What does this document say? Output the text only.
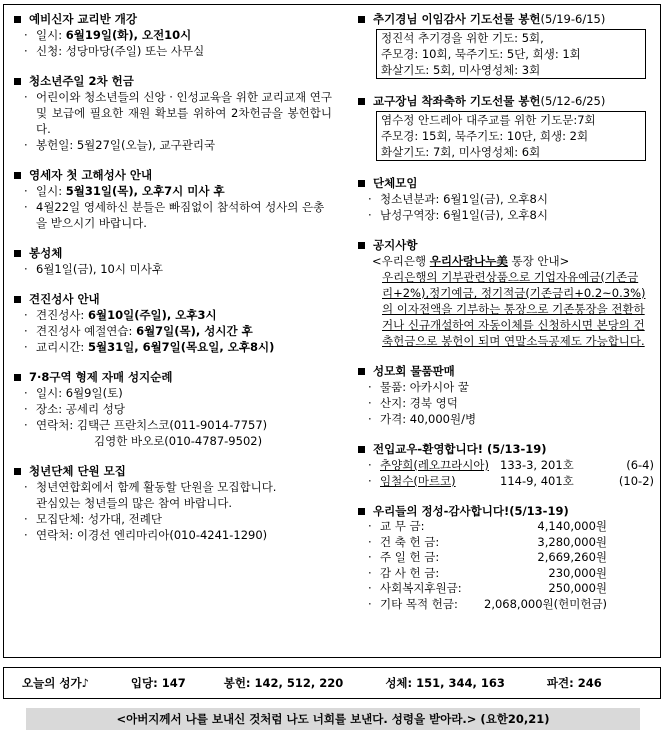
예비신자 교리반 개강
· 일시: 6월19일(화), 오전10시
· 신청: 성당마당(주일) 또는 사무실
청소년주일 2차 헌금
· 어린이와 청소년들의 신앙 · 인성교육을 위한 교리교재 연구 및 보급에 필요한 재원 확보를 위하여 2차헌금을 봉헌합니다.
· 봉헌일: 5월27일(오늘), 교구관리국
영세자 첫 고해성사 안내
· 일시: 5월31일(목), 오후7시 미사 후
· 4월22일 영세하신 분들은 빠짐없이 참석하여 성사의 은총을 받으시기 바랍니다.
봉성체
· 6월1일(금), 10시 미사후
견진성사 안내
· 견진성사: 6월10일(주일), 오후3시
· 견진성사 예절연습: 6월7일(목), 성시간 후
· 교리시간: 5월31일, 6월7일(목요일, 오후8시)
7·8구역 형제 자매 성지순례
· 일시: 6월9일(토)
· 장소: 공세리 성당
· 연락처: 김택근 프란치스코(011-9014-7757)
김영한 바오로(010-4787-9502)
청년단체 단원 모집
· 청년연합회에서 함께 활동할 단원을 모집합니다.
관심있는 청년들의 많은 참여 바랍니다.
· 모집단체: 성가대, 전례단
· 연락처: 이경선 엔리마리아(010-4241-1290)
추기경님 이임감사 기도선물 봉헌 (5/19-6/15)
정진석 추기경을 위한 기도: 5회,
주모경: 10회, 묵주기도: 5단, 희생: 1회
화살기도: 5회, 미사영성체: 3회
교구장님 착좌축하 기도선물 봉헌 (5/12-6/25)
염수정 안드레아 대주교를 위한 기도문:7회
주모경: 15회, 묵주기도: 10단, 희생: 2회
화살기도: 7회, 미사영성체: 6회
단체모임
· 청소년분과: 6월1일(금), 오후8시
· 남성구역장: 6월1일(금), 오후8시
공지사항
<우리은행 우리사랑나누美 통장 안내>
우리은행의 기부관련상품으로 기업자유예금(기존금리+2%),정기예금, 정기적금(기존금리+0.2~0.3%)의 이자전액을 기부하는 통장으로 기존통장을 전환하거나 신규개설하여 자동이체를 신청하시면 본당의 건축헌금으로 봉헌이 되며 연말소득공제도 가능합니다.
성모회 물품판매
· 물품: 아카시아 꿀
· 산지: 경북 영덕
· 가격: 40,000원/병
전입교우-환영합니다! (5/13-19)
· 추양희(레오끄라시아) 133-3, 201호	(6-4)
· 임철수(마르코)	114-9, 401호	(10-2)
우리들의 정성-감사합니다!(5/13-19)
·	교 무 금:	4,140,000원
·	건 축 헌 금:	3,280,000원
·	주 일 헌 금:	2,669,260원
·	감 사 헌 금:	230,000원
·	사회복지후원금:	250,000원
·	기타 목적 헌금:	2,068,000원(헌미헌금)
오늘의 성가♪	입당: 147	봉헌: 142, 512, 220	성체: 151, 344, 163	파견: 246
<아버지께서 나를 보내신 것처럼 나도 너희를 보낸다. 성령을 받아라.> (요한20,21)
